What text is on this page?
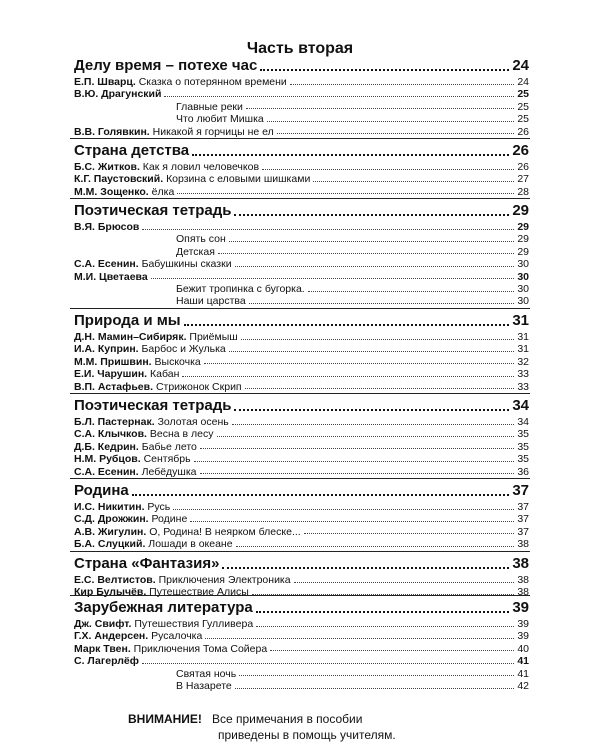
Часть вторая
Делу время – потехе час	24
Е.П. Шварц. Сказка о потерянном времени	24
В.Ю. Драгунский	25
Главные реки	25
Что любит Мишка	25
В.В. Голявкин. Никакой я горчицы не ел	26
Страна детства	26
Б.С. Житков. Как я ловил человечков	26
К.Г. Паустовский. Корзина с еловыми шишками	27
М.М. Зощенко. ёлка	28
Поэтическая тетрадь	29
В.Я. Брюсов	29
Опять сон	29
Детская	29
С.А. Есенин. Бабушкины сказки	30
М.И. Цветаева	30
Бежит тропинка с бугорка.	30
Наши царства	30
Природа и мы	31
Д.Н. Мамин–Сибиряк. Приёмыш	31
И.А. Куприн. Барбос и Жулька	31
М.М. Пришвин. Выскочка	32
Е.И. Чарушин. Кабан	33
В.П. Астафьев. Стрижонок Скрип	33
Поэтическая тетрадь	34
Б.Л. Пастернак. Золотая осень	34
С.А. Клычков. Весна в лесу	35
Д.Б. Кедрин. Бабье лето	35
Н.М. Рубцов. Сентябрь	35
С.А. Есенин. Лебёдушка	36
Родина	37
И.С. Никитин. Русь	37
С.Д. Дрожжин. Родине	37
А.В. Жигулин. О, Родина! В неярком блеске...	37
Б.А. Слуцкий. Лошади в океане	38
Страна «Фантазия»	38
Е.С. Велтистов. Приключения Электроника	38
Кир Булычёв. Путешествие Алисы	38
Зарубежная литература	39
Дж. Свифт. Путешествия Гулливера	39
Г.Х. Андерсен. Русалочка	39
Марк Твен. Приключения Тома Сойера	40
С. Лагерлёф	41
Святая ночь	41
В Назарете	42
ВНИМАНИЕ! Все примечания в пособии
приведены в помощь учителям.
